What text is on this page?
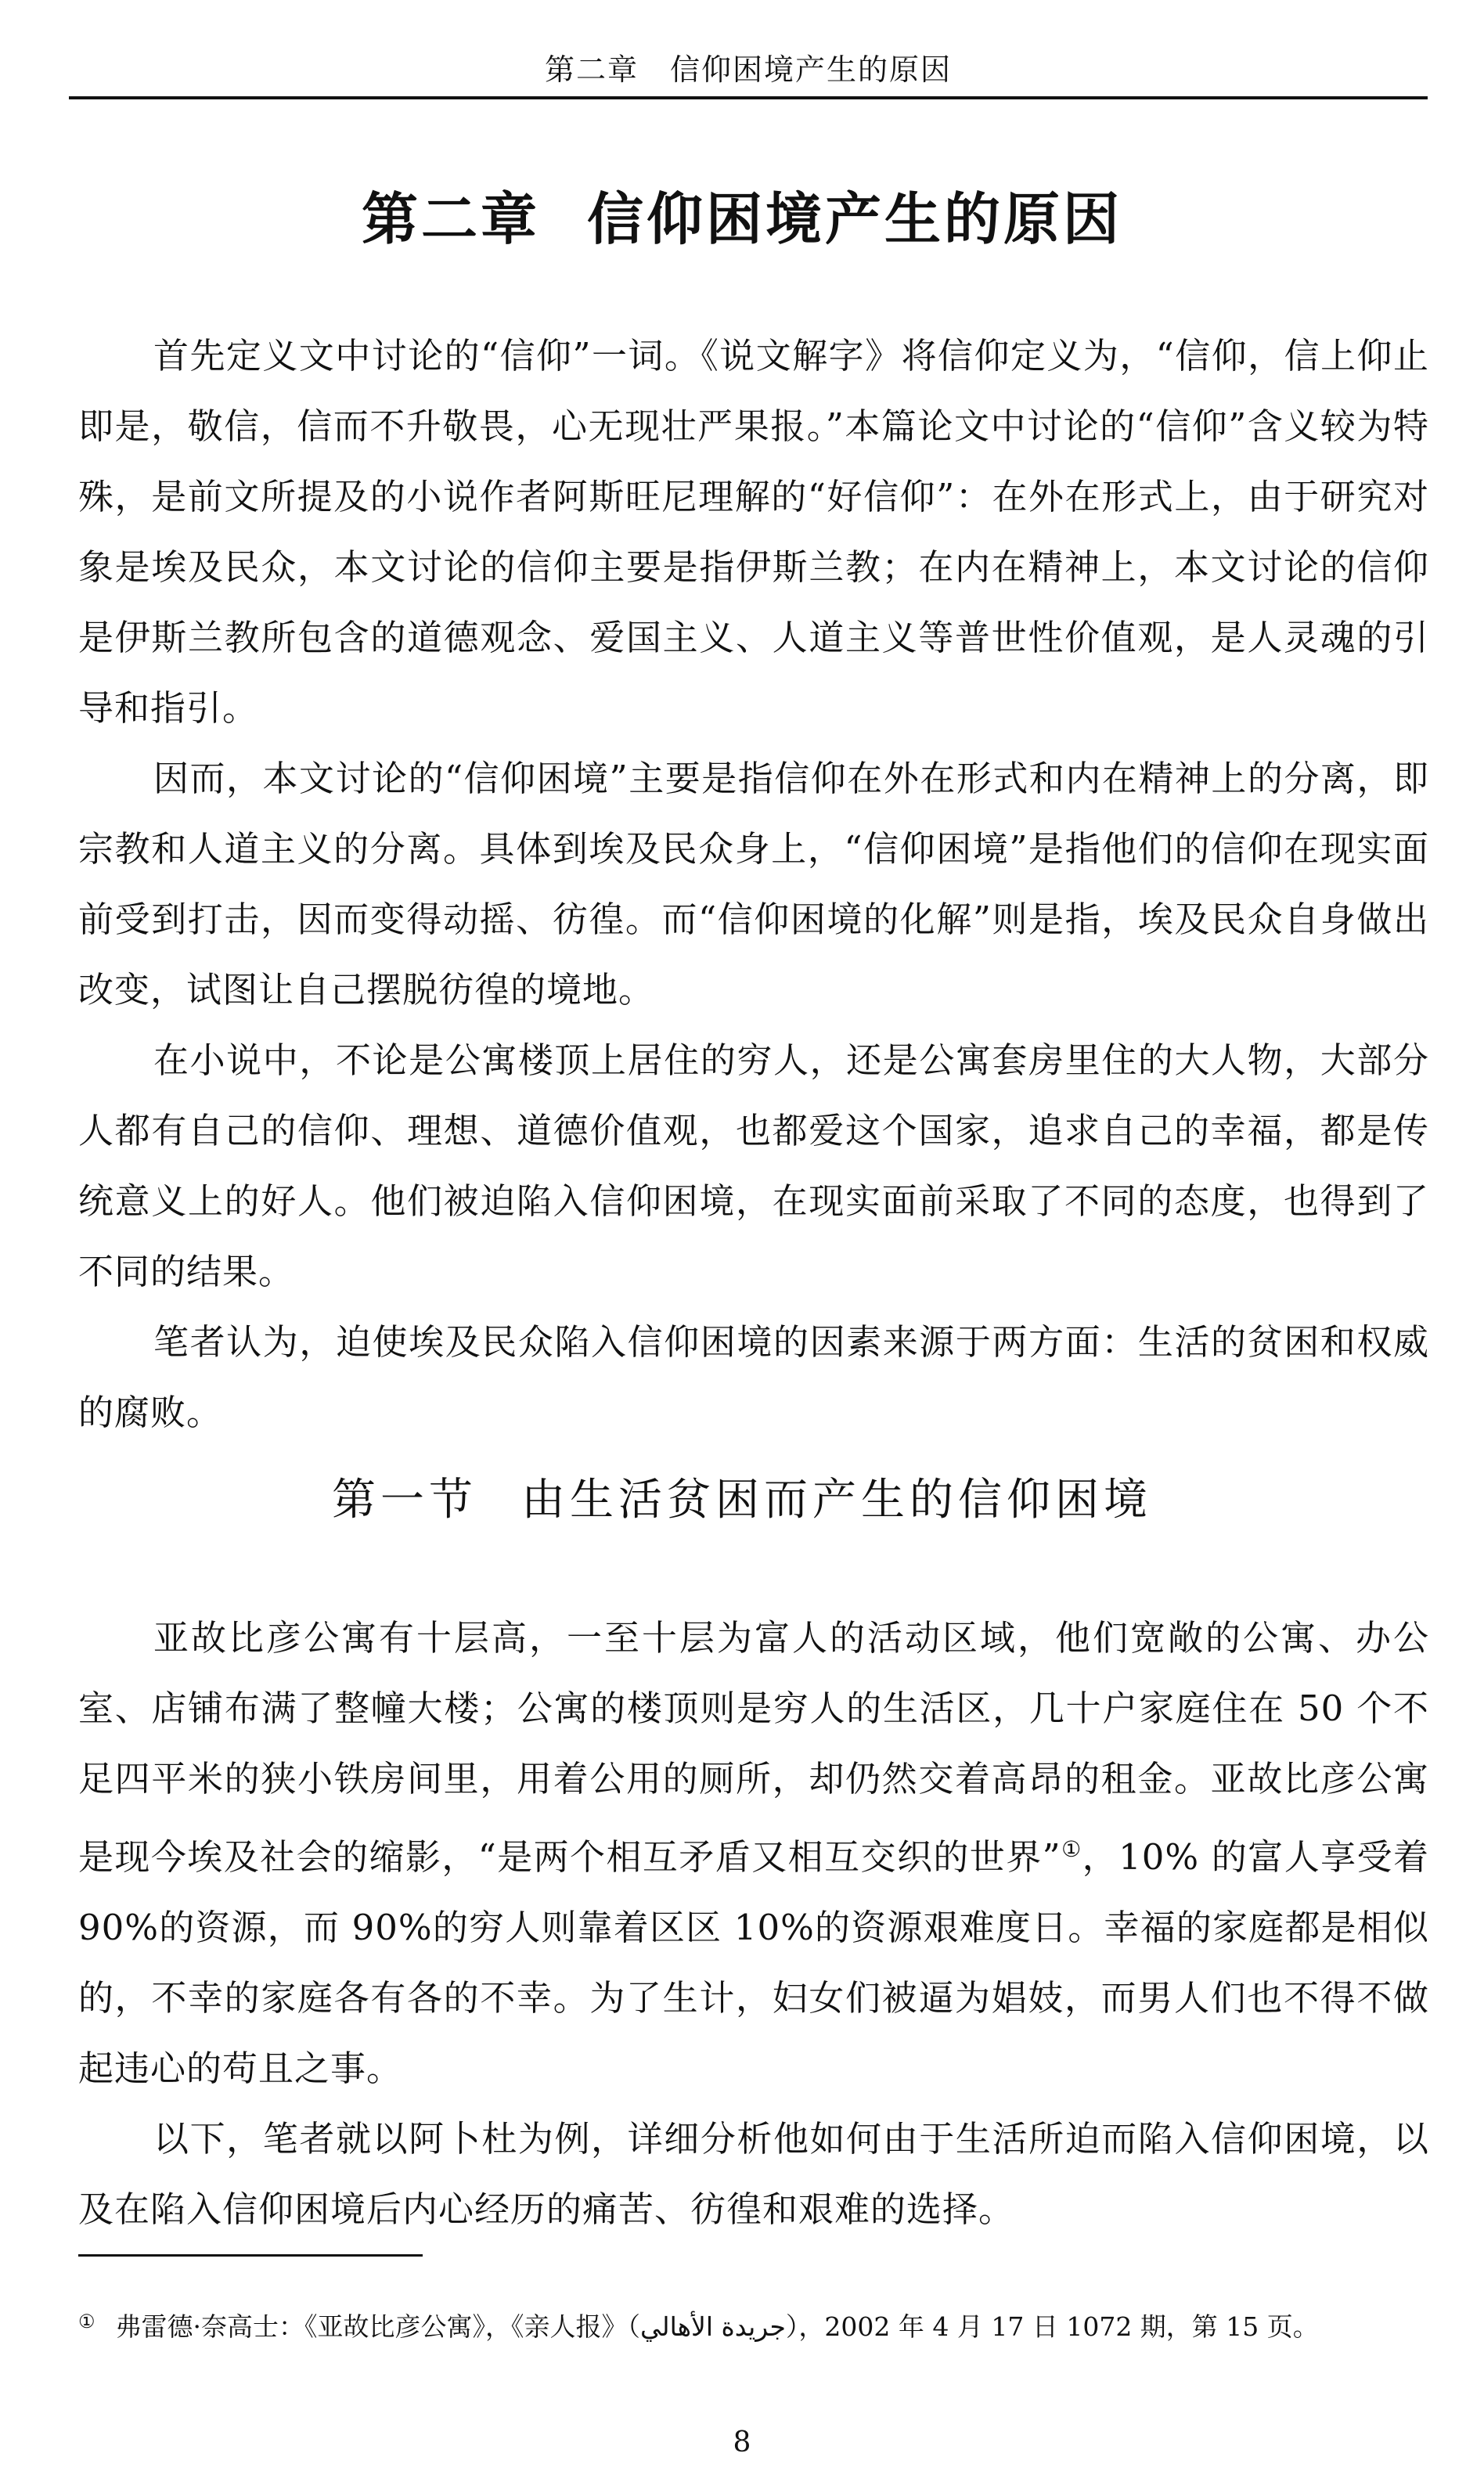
第二章　信仰困境产生的原因
第二章 信仰困境产生的原因

首先定义文中讨论的“信仰”一词。《说文解字》将信仰定义为，“信仰，信上仰止即是，敬信，信而不升敬畏，心无现壮严果报。”本篇论文中讨论的“信仰”含义较为特殊，是前文所提及的小说作者阿斯旺尼理解的“好信仰”：在外在形式上，由于研究对象是埃及民众，本文讨论的信仰主要是指伊斯兰教；在内在精神上，本文讨论的信仰是伊斯兰教所包含的道德观念、爱国主义、人道主义等普世性价值观，是人灵魂的引导和指引。

因而，本文讨论的“信仰困境”主要是指信仰在外在形式和内在精神上的分离，即宗教和人道主义的分离。具体到埃及民众身上，“信仰困境”是指他们的信仰在现实面前受到打击，因而变得动摇、彷徨。而“信仰困境的化解”则是指，埃及民众自身做出改变，试图让自己摆脱彷徨的境地。

在小说中，不论是公寓楼顶上居住的穷人，还是公寓套房里住的大人物，大部分人都有自己的信仰、理想、道德价值观，也都爱这个国家，追求自己的幸福，都是传统意义上的好人。他们被迫陷入信仰困境，在现实面前采取了不同的态度，也得到了不同的结果。

笔者认为，迫使埃及民众陷入信仰困境的因素来源于两方面：生活的贫困和权威的腐败。

第一节 由生活贫困而产生的信仰困境

亚故比彦公寓有十层高，一至十层为富人的活动区域，他们宽敞的公寓、办公室、店铺布满了整幢大楼；公寓的楼顶则是穷人的生活区，几十户家庭住在 50 个不足四平米的狭小铁房间里，用着公用的厕所，却仍然交着高昂的租金。亚故比彦公寓是现今埃及社会的缩影，“是两个相互矛盾又相互交织的世界”①，10% 的富人享受着 90%的资源，而 90%的穷人则靠着区区 10%的资源艰难度日。幸福的家庭都是相似的，不幸的家庭各有各的不幸。为了生计，妇女们被逼为娼妓，而男人们也不得不做起违心的苟且之事。

以下，笔者就以阿卜杜为例，详细分析他如何由于生活所迫而陷入信仰困境，以及在陷入信仰困境后内心经历的痛苦、彷徨和艰难的选择。

① 弗雷德·奈高士：《亚故比彦公寓》，《亲人报》（جريدة الأهالي），2002 年 4 月 17 日 1072 期，第 15 页。
8
